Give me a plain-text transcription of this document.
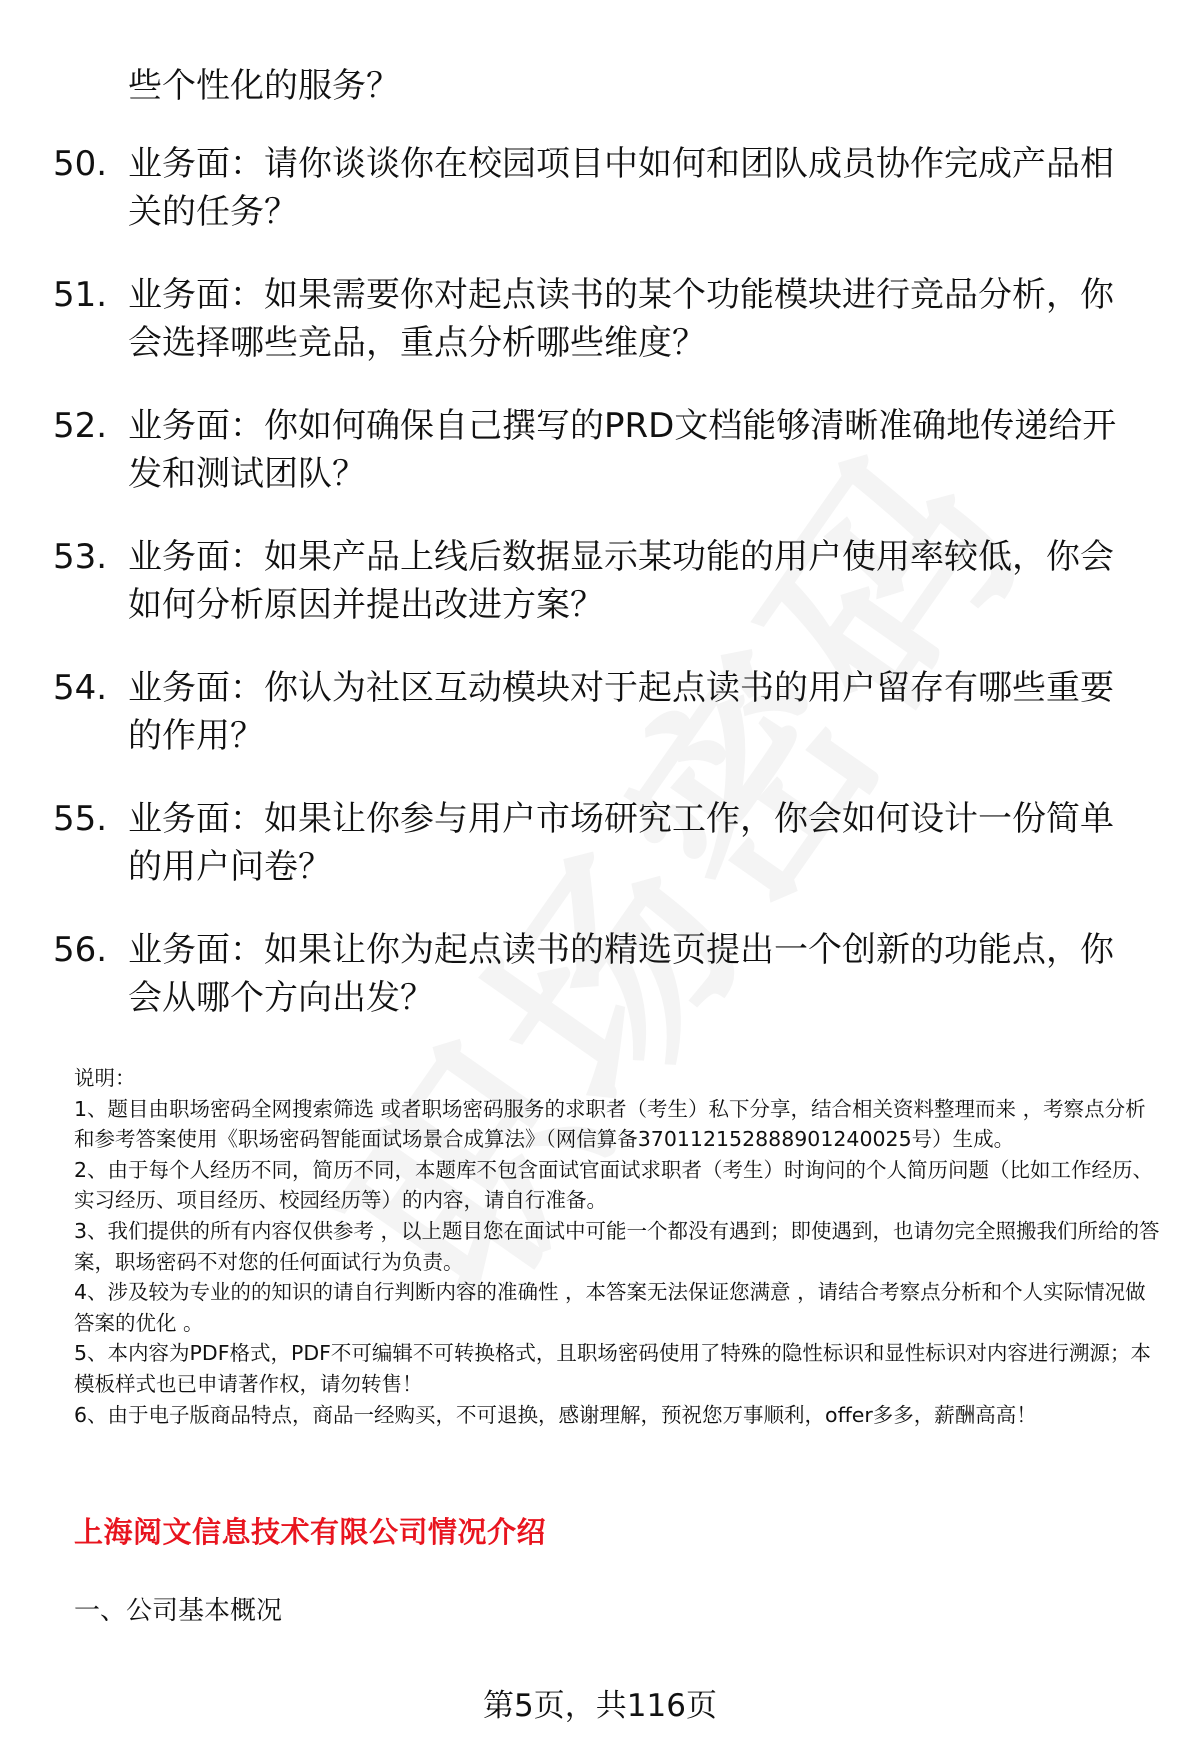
些个性化的服务？
50. 业务面：请你谈谈你在校园项目中如何和团队成员协作完成产品相关的任务？
51. 业务面：如果需要你对起点读书的某个功能模块进行竞品分析，你会选择哪些竞品，重点分析哪些维度？
52. 业务面：你如何确保自己撰写的PRD文档能够清晰准确地传递给开发和测试团队？
53. 业务面：如果产品上线后数据显示某功能的用户使用率较低，你会如何分析原因并提出改进方案？
54. 业务面：你认为社区互动模块对于起点读书的用户留存有哪些重要的作用？
55. 业务面：如果让你参与用户市场研究工作，你会如何设计一份简单的用户问卷？
56. 业务面：如果让你为起点读书的精选页提出一个创新的功能点，你会从哪个方向出发？

说明：

1、题目由职场密码全网搜索筛选 或者职场密码服务的求职者（考生）私下分享，结合相关资料整理而来 ，考察点分析和参考答案使用《职场密码智能面试场景合成算法》（网信算备370112152888901240025号）生成。

2、由于每个人经历不同，简历不同，本题库不包含面试官面试求职者（考生）时询问的个人简历问题（比如工作经历、实习经历、项目经历、校园经历等）的内容，请自行准备。

3、我们提供的所有内容仅供参考 ，以上题目您在面试中可能一个都没有遇到；即使遇到，也请勿完全照搬我们所给的答案，职场密码不对您的任何面试行为负责。

4、涉及较为专业的的知识的请自行判断内容的准确性 ，本答案无法保证您满意 ，请结合考察点分析和个人实际情况做答案的优化 。

5、本内容为PDF格式，PDF不可编辑不可转换格式，且职场密码使用了特殊的隐性标识和显性标识对内容进行溯源；本模板样式也已申请著作权，请勿转售！

6、由于电子版商品特点，商品一经购买，不可退换，感谢理解，预祝您万事顺利，offer多多，薪酬高高！

上海阅文信息技术有限公司情况介绍
一、公司基本概况
第5页，共116页
